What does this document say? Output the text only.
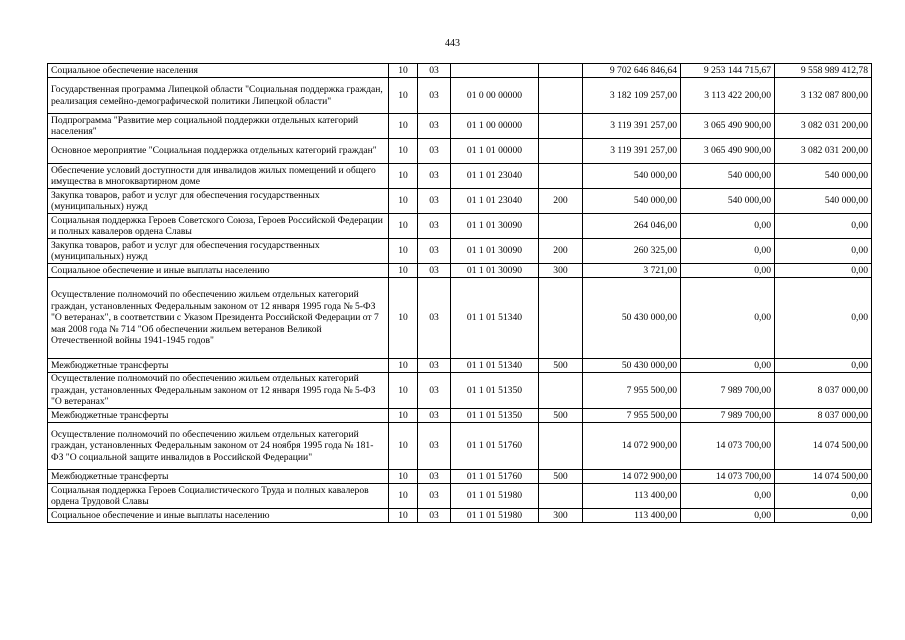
443
Социальное обеспечение населения	10	03			9 702 646 846,64	9 253 144 715,67	9 558 989 412,78
Государственная программа Липецкой области "Социальная поддержка граждан, реализация семейно-демографической политики Липецкой области"	10	03	01 0 00 00000		3 182 109 257,00	3 113 422 200,00	3 132 087 800,00
Подпрограмма "Развитие мер социальной поддержки отдельных категорий населения"	10	03	01 1 00 00000		3 119 391 257,00	3 065 490 900,00	3 082 031 200,00
Основное мероприятие "Социальная поддержка отдельных категорий граждан"	10	03	01 1 01 00000		3 119 391 257,00	3 065 490 900,00	3 082 031 200,00
Обеспечение условий доступности для инвалидов жилых помещений и общего имущества в многоквартирном доме	10	03	01 1 01 23040		540 000,00	540 000,00	540 000,00
Закупка товаров, работ и услуг для обеспечения государственных (муниципальных) нужд	10	03	01 1 01 23040	200	540 000,00	540 000,00	540 000,00
Социальная поддержка Героев Советского Союза, Героев Российской Федерации и полных кавалеров ордена Славы	10	03	01 1 01 30090		264 046,00	0,00	0,00
Закупка товаров, работ и услуг для обеспечения государственных (муниципальных) нужд	10	03	01 1 01 30090	200	260 325,00	0,00	0,00
Социальное обеспечение и иные выплаты населению	10	03	01 1 01 30090	300	3 721,00	0,00	0,00
Осуществление полномочий по обеспечению жильем отдельных категорий граждан, установленных Федеральным законом от 12 января 1995 года № 5-ФЗ "О ветеранах", в соответствии с Указом Президента Российской Федерации от 7 мая 2008 года № 714 "Об обеспечении жильем ветеранов Великой Отечественной войны 1941-1945 годов"	10	03	01 1 01 51340		50 430 000,00	0,00	0,00
Межбюджетные трансферты	10	03	01 1 01 51340	500	50 430 000,00	0,00	0,00
Осуществление полномочий по обеспечению жильем отдельных категорий граждан, установленных Федеральным законом от 12 января 1995 года № 5-ФЗ "О ветеранах"	10	03	01 1 01 51350		7 955 500,00	7 989 700,00	8 037 000,00
Межбюджетные трансферты	10	03	01 1 01 51350	500	7 955 500,00	7 989 700,00	8 037 000,00
Осуществление полномочий по обеспечению жильем отдельных категорий граждан, установленных Федеральным законом от 24 ноября 1995 года № 181-ФЗ "О социальной защите инвалидов в Российской Федерации"	10	03	01 1 01 51760		14 072 900,00	14 073 700,00	14 074 500,00
Межбюджетные трансферты	10	03	01 1 01 51760	500	14 072 900,00	14 073 700,00	14 074 500,00
Социальная поддержка Героев Социалистического Труда и полных кавалеров ордена Трудовой Славы	10	03	01 1 01 51980		113 400,00	0,00	0,00
Социальное обеспечение и иные выплаты населению	10	03	01 1 01 51980	300	113 400,00	0,00	0,00
